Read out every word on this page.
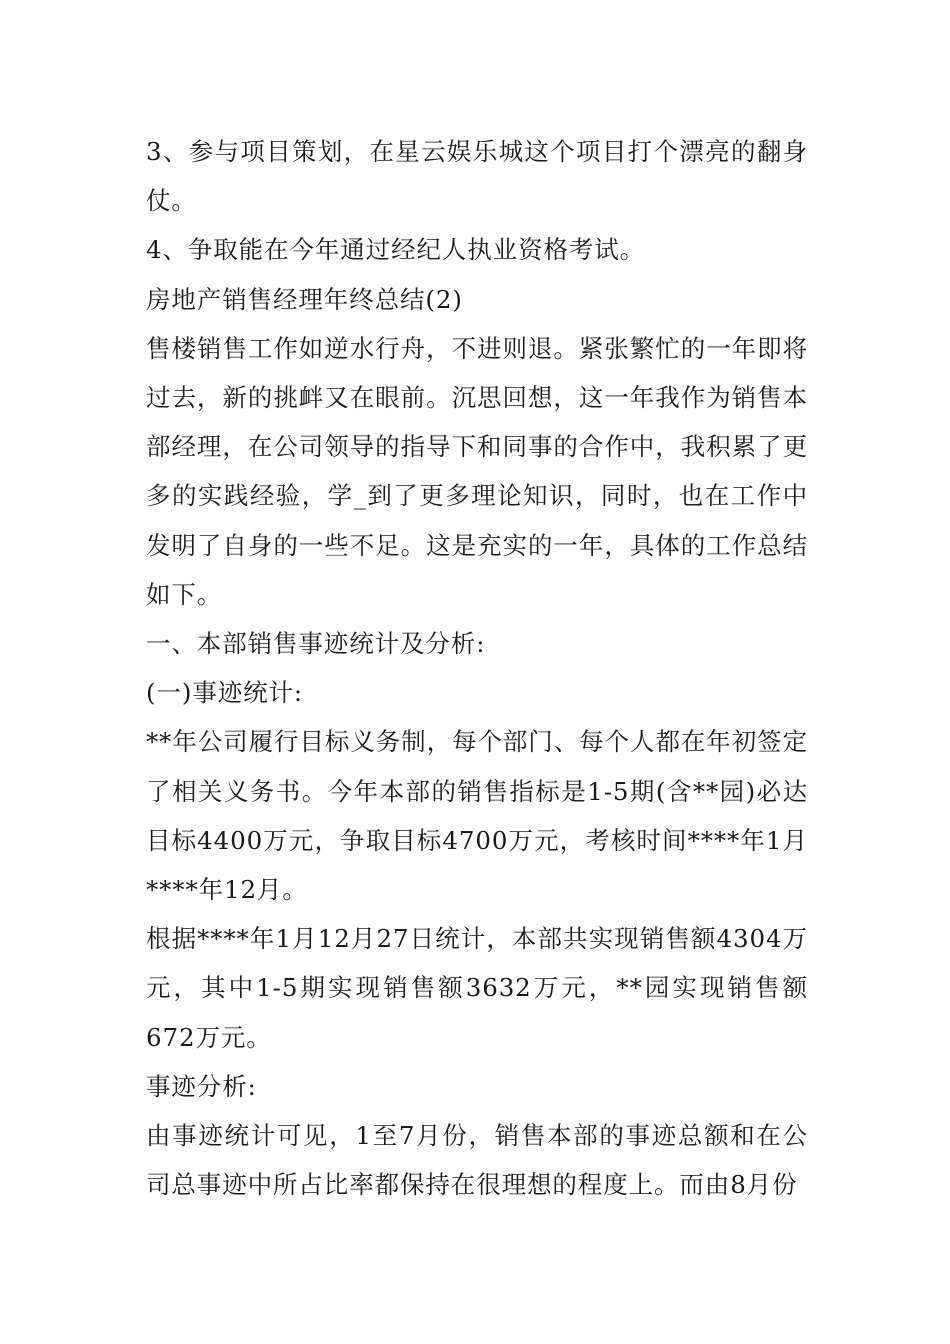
3、参与项目策划，在星云娱乐城这个项目打个漂亮的翻身仗。

4、争取能在今年通过经纪人执业资格考试。

房地产销售经理年终总结(2)

售楼销售工作如逆水行舟，不进则退。紧张繁忙的一年即将过去，新的挑衅又在眼前。沉思回想，这一年我作为销售本部经理，在公司领导的指导下和同事的合作中，我积累了更多的实践经验，学_到了更多理论知识，同时，也在工作中发明了自身的一些不足。这是充实的一年，具体的工作总结如下。

一、本部销售事迹统计及分析:

(一)事迹统计:

**年公司履行目标义务制，每个部门、每个人都在年初签定了相关义务书。今年本部的销售指标是1-5期(含**园)必达目标4400万元，争取目标4700万元，考核时间****年1月****年12月。

根据****年1月12月27日统计，本部共实现销售额4304万元，其中1-5期实现销售额3632万元，**园实现销售额672万元。

事迹分析:

由事迹统计可见，1至7月份，销售本部的事迹总额和在公司总事迹中所占比率都保持在很理想的程度上。而由8月份
